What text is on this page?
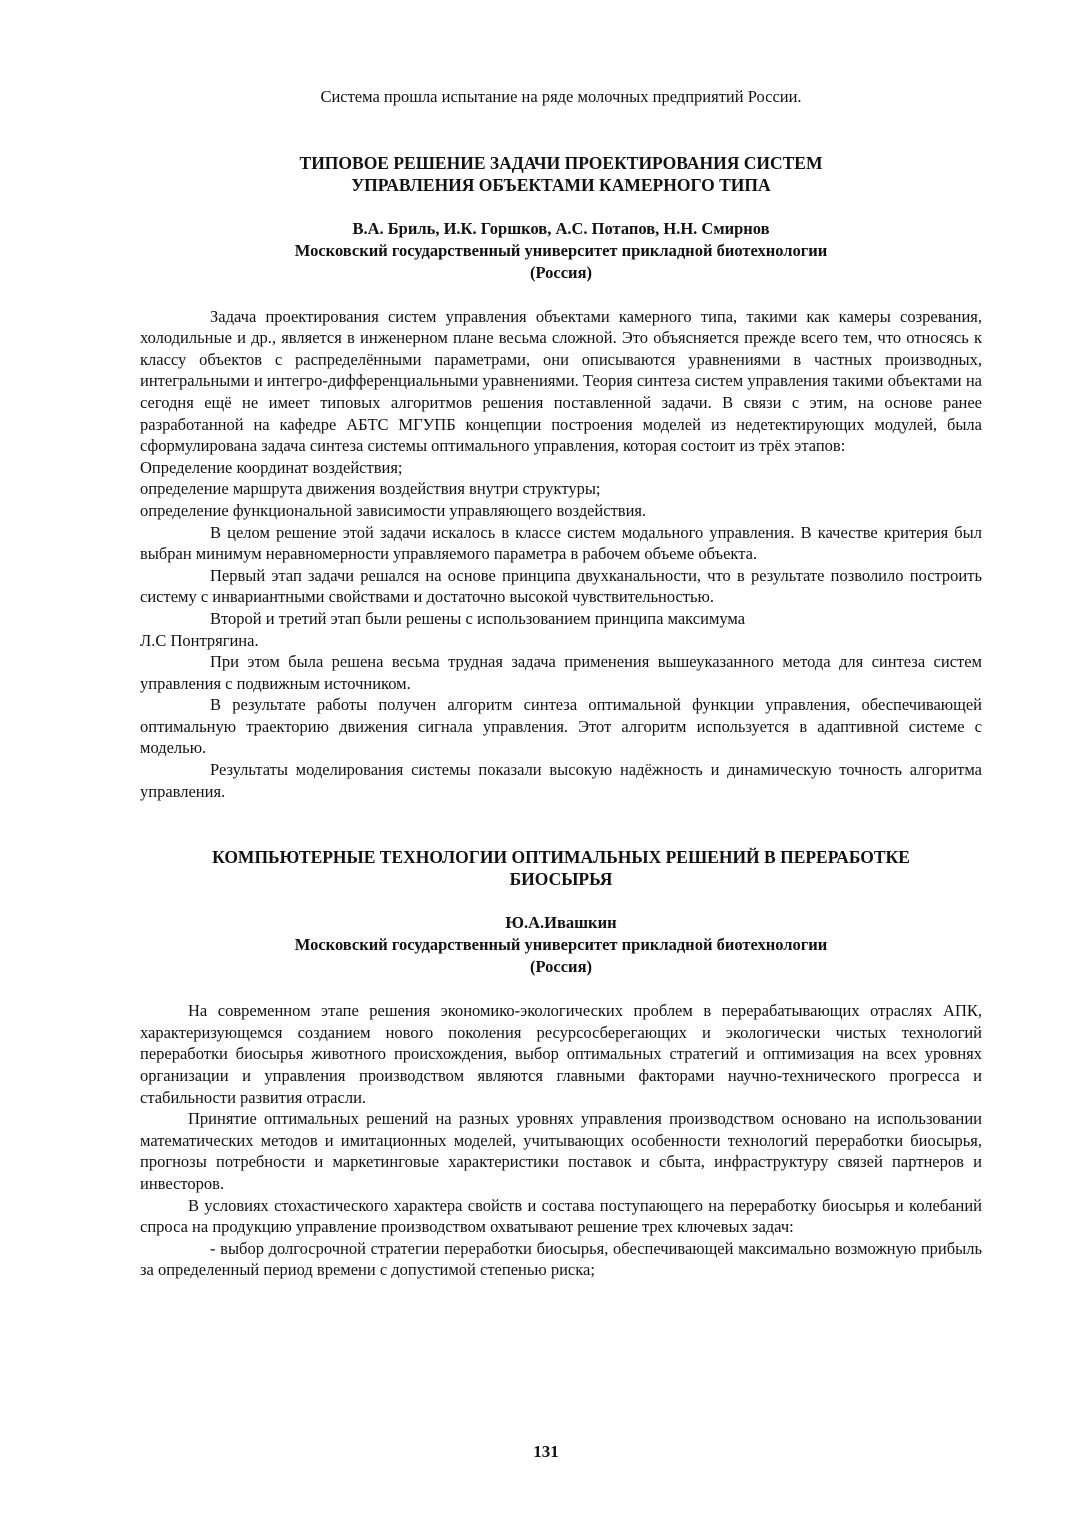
Система прошла испытание на ряде молочных предприятий России.

ТИПОВОЕ РЕШЕНИЕ ЗАДАЧИ ПРОЕКТИРОВАНИЯ СИСТЕМ
УПРАВЛЕНИЯ ОБЪЕКТАМИ КАМЕРНОГО ТИПА
В.А. Бриль, И.К. Горшков, А.С. Потапов, Н.Н. Смирнов
Московский государственный университет прикладной биотехнологии
(Россия)

Задача проектирования систем управления объектами камерного типа, такими как камеры созревания, холодильные и др., является в инженерном плане весьма сложной. Это объясняется прежде всего тем, что относясь к классу объектов с распределёнными параметрами, они описываются уравнениями в частных производных, интегральными и интегро-дифференциальными уравнениями. Теория синтеза систем управления такими объектами на сегодня ещё не имеет типовых алгоритмов решения поставленной задачи. В связи с этим, на основе ранее разработанной на кафедре АБТС МГУПБ концепции построения моделей из недетектирующих модулей, была сформулирована задача синтеза системы оптимального управления, которая состоит из трёх этапов:

Определение координат воздействия;

определение маршрута движения воздействия внутри структуры;

определение функциональной зависимости управляющего воздействия.

В целом решение этой задачи искалось в классе систем модального управления. В качестве критерия был выбран минимум неравномерности управляемого параметра в рабочем объеме объекта.

Первый этап задачи решался на основе принципа двухканальности, что в результате позволило построить систему с инвариантными свойствами и достаточно высокой чувствительностью.

Второй и третий этап были решены с использованием принципа максимума

Л.С Понтрягина.

При этом была решена весьма трудная задача применения вышеуказанного метода для синтеза систем управления с подвижным источником.

В результате работы получен алгоритм синтеза оптимальной функции управления, обеспечивающей оптимальную траекторию движения сигнала управления. Этот алгоритм используется в адаптивной системе с моделью.

Результаты моделирования системы показали высокую надёжность и динамическую точность алгоритма управления.

КОМПЬЮТЕРНЫЕ ТЕХНОЛОГИИ ОПТИМАЛЬНЫХ РЕШЕНИЙ В ПЕРЕРАБОТКЕ
БИОСЫРЬЯ
Ю.А.Ивашкин
Московский государственный университет прикладной биотехнологии
(Россия)

На современном этапе решения экономико-экологических проблем в перерабатывающих отраслях АПК, характеризующемся созданием нового поколения ресурсосберегающих и экологически чистых технологий переработки биосырья животного происхождения, выбор оптимальных стратегий и оптимизация на всех уровнях организации и управления производством являются главными факторами научно-технического прогресса и стабильности развития отрасли.

Принятие оптимальных решений на разных уровнях управления производством основано на использовании математических методов и имитационных моделей, учитывающих особенности технологий переработки биосырья, прогнозы потребности и маркетинговые характеристики поставок и сбыта, инфраструктуру связей партнеров и инвесторов.

В условиях стохастического характера свойств и состава поступающего на переработку биосырья и колебаний спроса на продукцию управление производством охватывают решение трех ключевых задач:

- выбор долгосрочной стратегии переработки биосырья, обеспечивающей максимально возможную прибыль за определенный период времени с допустимой степенью риска;

131
